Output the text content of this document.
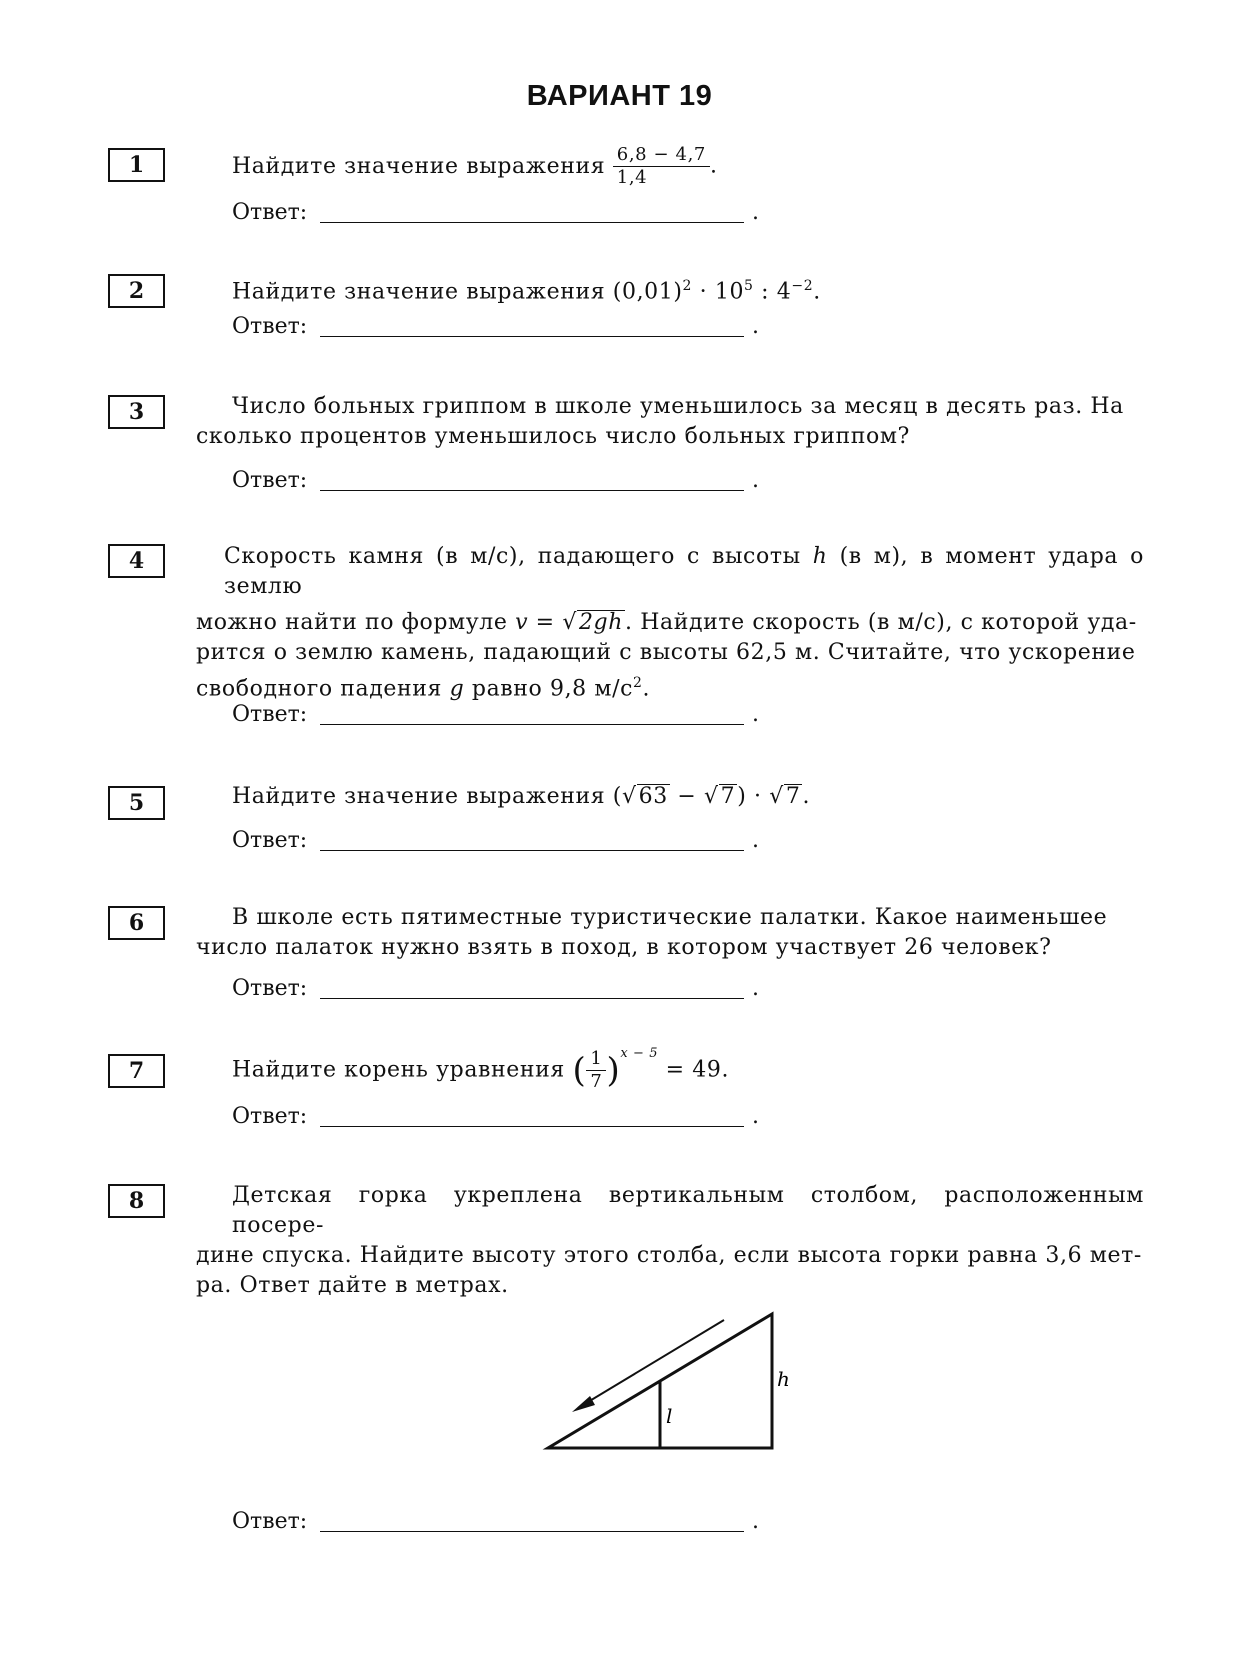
ВАРИАНТ 19
1	Найдите значение выражения $\frac{6,8 - 4,7}{1,4}$ .
Ответ:	.
2	Найдите значение выражения $(0,01)^2 \cdot 10^5$ : $4^{-2}$.
Ответ:	.
3	Число больных гриппом в школе уменьшилось за месяц в десять раз. На
сколько процентов уменьшилось число больных гриппом?
Ответ:	.
4	Скорость камня (в м/с), падающего с высоты h (в м), в момент удара о землю
можно найти по формуле v = √2gh. Найдите скорость (в м/с), с которой уда-
рится о землю камень, падающий с высоты 62,5 м. Считайте, что ускорение
свободного падения g равно 9,8 $м/с^2$.
Ответ:	.
5	Найдите значение выражения (√63 − √7) · √7.
Ответ:	.
6	В школе есть пятиместные туристические палатки. Какое наименьшее
число палаток нужно взять в поход, в котором участвует 26 человек?
Ответ:	.
7	Найдите корень уравнения ( $\frac{1}{7} )^{x - 5} = 49$.
Ответ:	.
8	Детская горка укреплена вертикальным столбом, расположенным посере-
дине спуска. Найдите высоту этого столба, если высота горки равна 3,6 мет-
ра. Ответ дайте в метрах.
h
l
Ответ:	.
